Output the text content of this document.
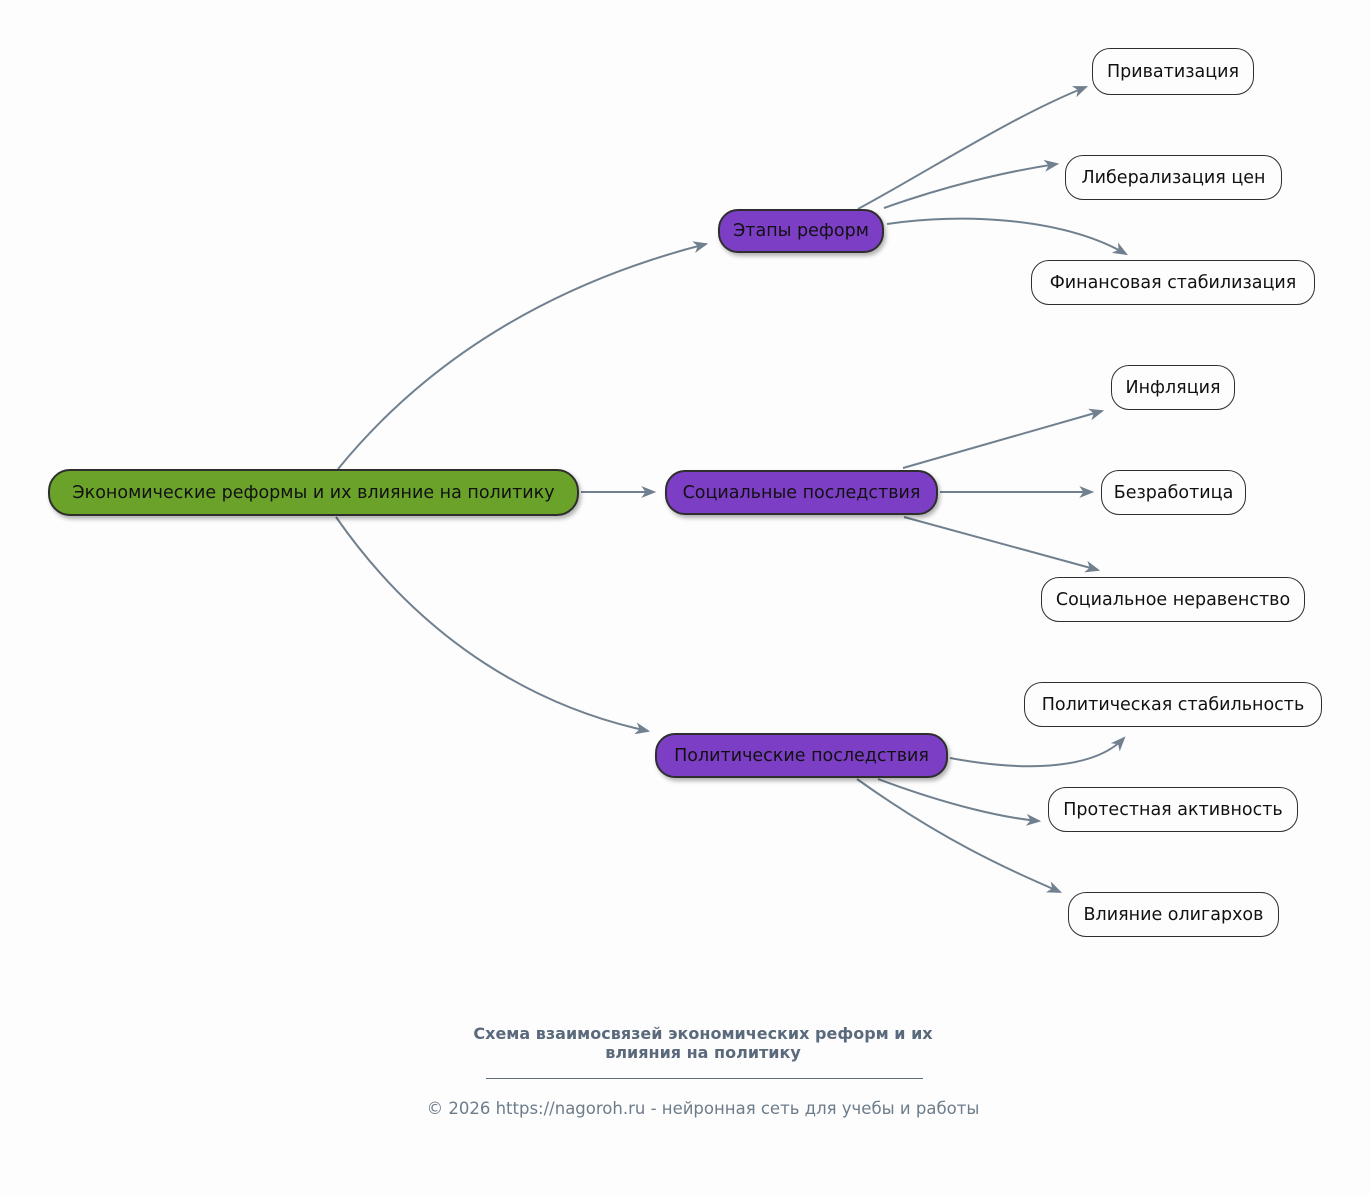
Экономические реформы и их влияние на политику
Этапы реформ
Социальные последствия
Политические последствия
Приватизация
Либерализация цен
Финансовая стабилизация
Инфляция
Безработица
Социальное неравенство
Политическая стабильность
Протестная активность
Влияние олигархов
Схема взаимосвязей экономических реформ и их
влияния на политику
© 2026 https://nagoroh.ru - нейронная сеть для учебы и работы
